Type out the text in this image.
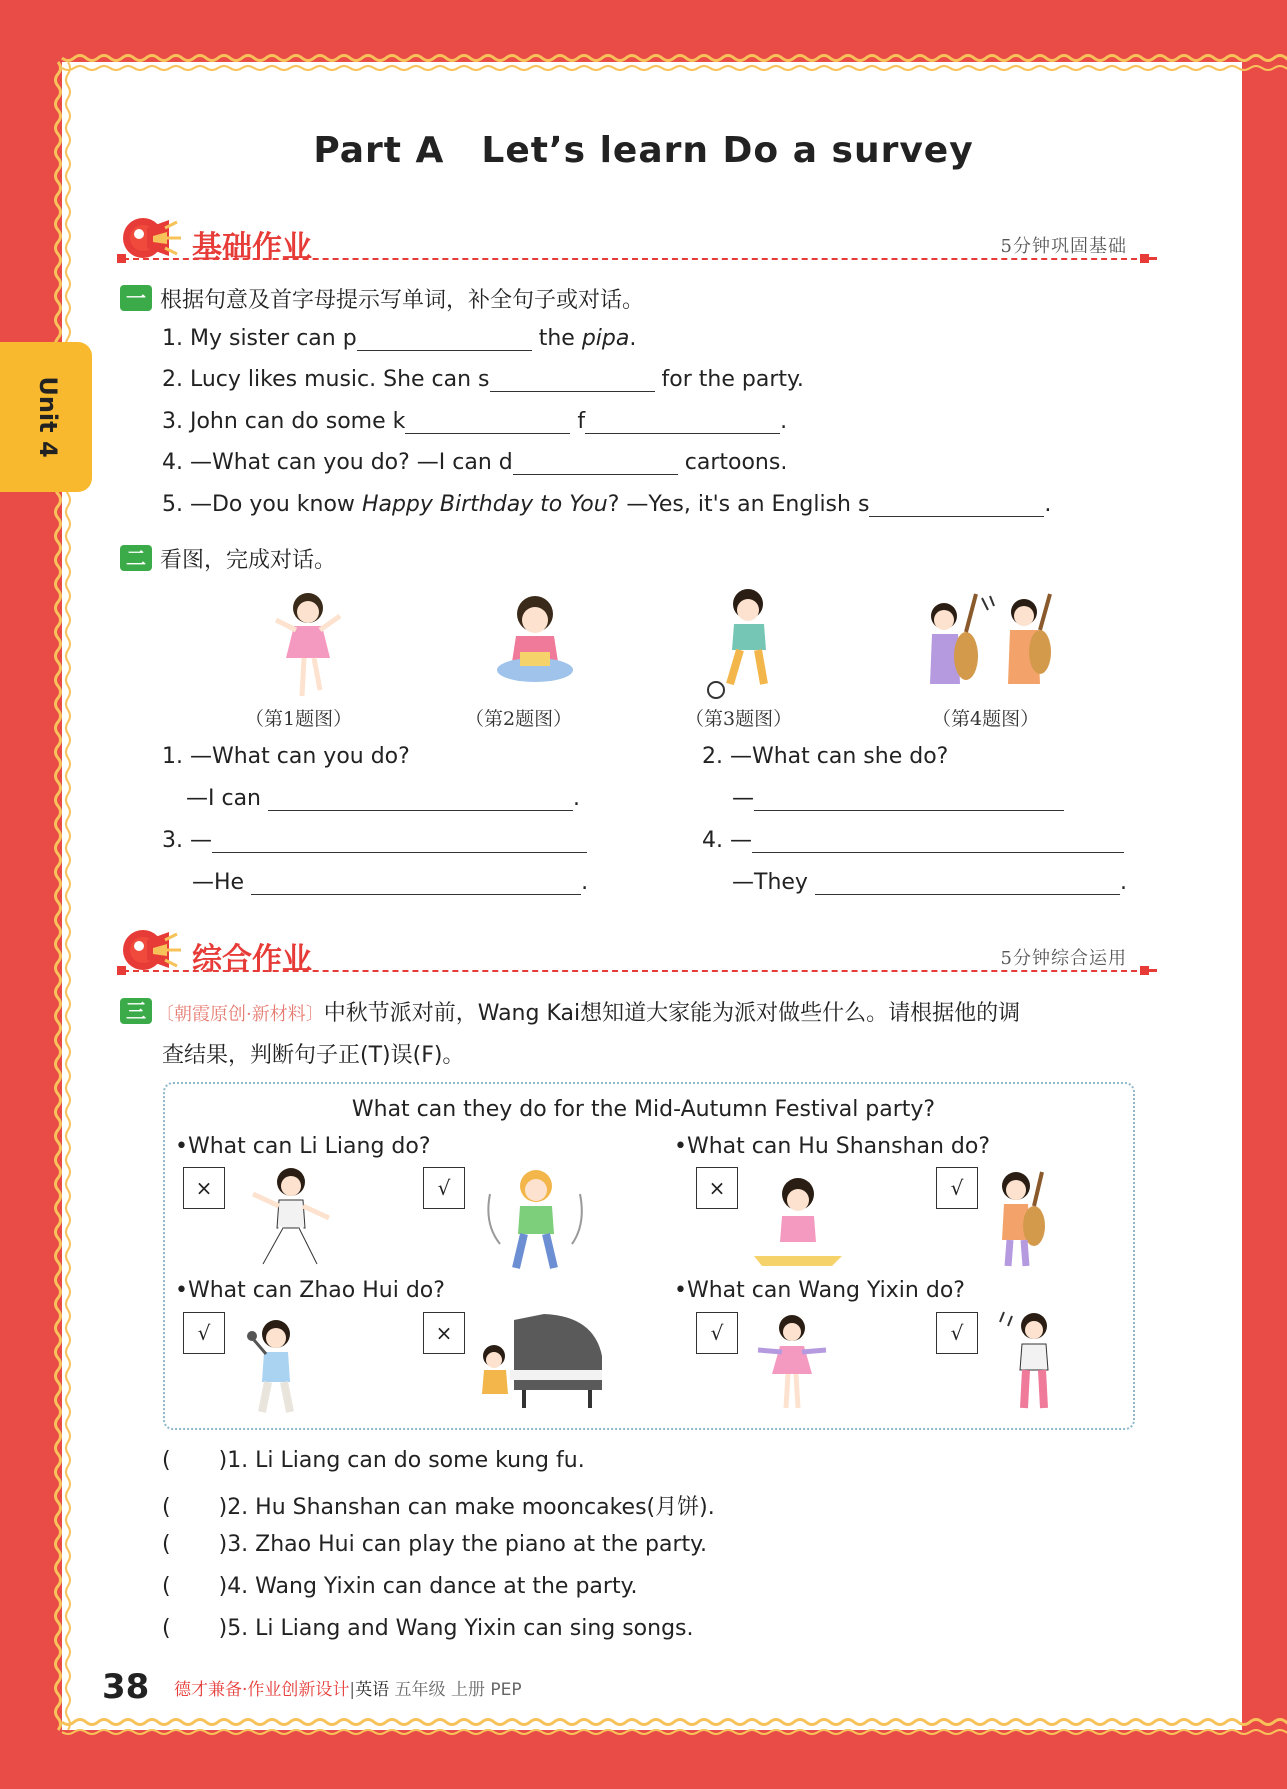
Unit 4
Part A　Let’s learn Do a survey
基础作业	5分钟巩固基础
一 根据句意及首字母提示写单词，补全句子或对话。
1. My sister can p	the pipa.
2. Lucy likes music. She can s	for the party.
3. John can do some k	f	.
4. —What can you do? —I can d	cartoons.
5. —Do you know Happy Birthday to You? —Yes, it's an English s	.
二 看图，完成对话。
（第1题图）	（第2题图）	（第3题图）	（第4题图）
1. —What can you do?
—I can	.
2. —What can she do?
—
3. —
—He	.
4. —
—They	.
综合作业	5分钟综合运用
三 〔朝霞原创·新材料〕中秋节派对前，Wang Kai想知道大家能为派对做些什么。请根据他的调
查结果，判断句子正(T)误(F)。
What can they do for the Mid-Autumn Festival party?
•What can Li Liang do?	•What can Hu Shanshan do?
•What can Zhao Hui do?	•What can Wang Yixin do?
×	√	×	√
√	×	√	√
( )1. Li Liang can do some kung fu.
( )2. Hu Shanshan can make mooncakes(月饼).
( )3. Zhao Hui can play the piano at the party.
( )4. Wang Yixin can dance at the party.
( )5. Li Liang and Wang Yixin can sing songs.
38 德才兼备·作业创新设计|英语 五年级 上册 PEP
